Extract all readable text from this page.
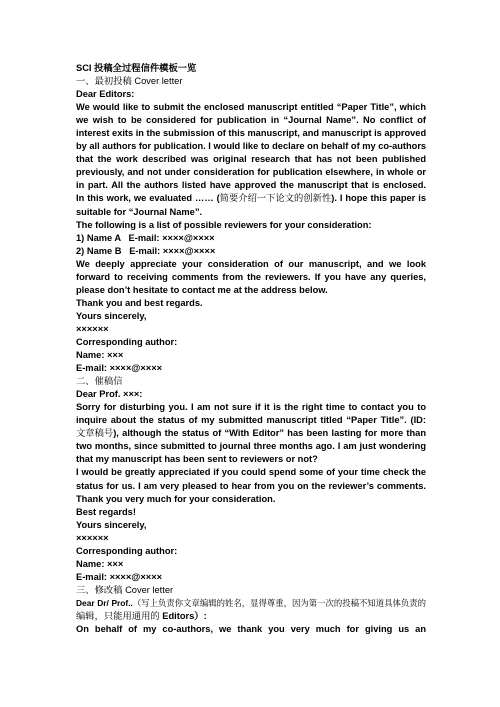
SCI 投稿全过程信件模板一览
一、最初投稿 Cover letter
Dear Editors:
We would like to submit the enclosed manuscript entitled “Paper Title”, which
we wish to be considered for publication in “Journal Name”. No conflict of
interest exits in the submission of this manuscript, and manuscript is approved
by all authors for publication. I would like to declare on behalf of my co-authors
that the work described was original research that has not been published
previously, and not under consideration for publication elsewhere, in whole or
in part. All the authors listed have approved the manuscript that is enclosed.
In this work, we evaluated …… (简要介绍一下论文的创新性). I hope this paper is
suitable for “Journal Name”.
The following is a list of possible reviewers for your consideration:
1) Name A   E-mail: ××××@××××
2) Name B   E-mail: ××××@××××
We deeply appreciate your consideration of our manuscript, and we look
forward to receiving comments from the reviewers. If you have any queries,
please don’t hesitate to contact me at the address below.
Thank you and best regards.
Yours sincerely,
××××××
Corresponding author:
Name: ×××
E-mail: ××××@××××
二、催稿信
Dear Prof. ×××:
Sorry for disturbing you. I am not sure if it is the right time to contact you to
inquire about the status of my submitted manuscript titled “Paper Title”. (ID:
文章稿号), although the status of “With Editor” has been lasting for more than
two months, since submitted to journal three months ago. I am just wondering
that my manuscript has been sent to reviewers or not?
I would be greatly appreciated if you could spend some of your time check the
status for us. I am very pleased to hear from you on the reviewer’s comments.
Thank you very much for your consideration.
Best regards!
Yours sincerely,
××××××
Corresponding author:
Name: ×××
E-mail: ××××@××××
三、修改稿 Cover letter
Dear Dr/ Prof..（写上负责你文章编辑的姓名，显得尊重，因为第一次的投稿不知道具体负责的
编辑，只能用通用的 Editors）:
On behalf of my co-authors, we thank you very much for giving us an
